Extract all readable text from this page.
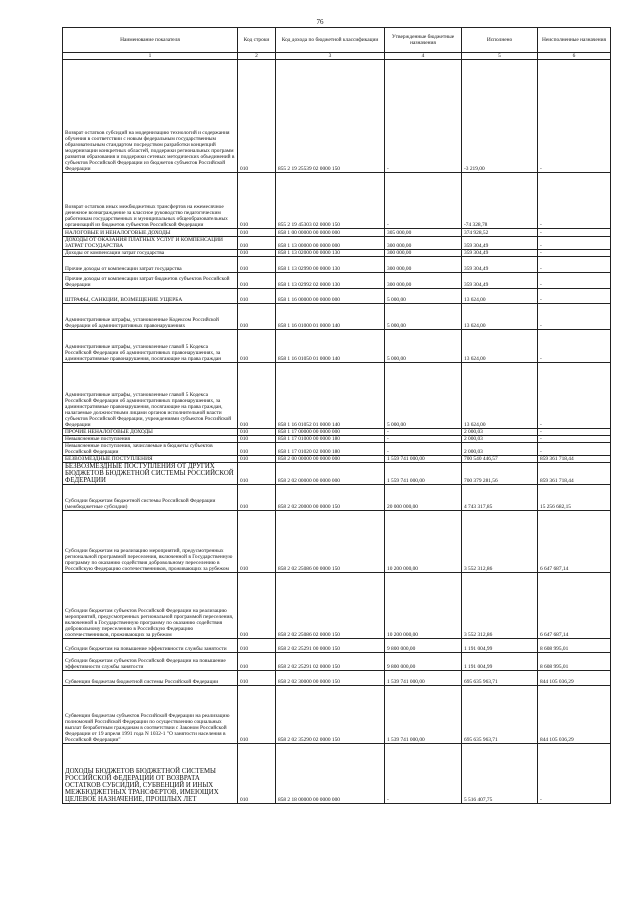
76
Наименование показателя	Код строки	Код дохода по бюджетной классификации	Утвержденные бюджетные назначения	Исполнено	Неисполненные назначения
1	2	3	4	5	6
Возврат остатков субсидий на модернизацию технологий и содержания обучения в соответствии с новым федеральным государственным образовательным стандартом посредством разработки концепций модернизации конкретных областей, поддержки региональных программ развития образования и поддержки сетевых методических объединений в субъектов Российской Федерации из бюджетов субъектов Российской Федерации	010	855 2 19 25539 02 0000 150	-	-3 219,00	-
Возврат остатков иных межбюджетных трансфертов на ежемесячное денежное вознаграждение за классное руководство педагогическим работникам государственных и муниципальных общеобразовательных организаций из бюджетов субъектов Российской Федерации	010	855 2 19 45303 02 0000 150	-	-74 328,78	-
НАЛОГОВЫЕ И НЕНАЛОГОВЫЕ ДОХОДЫ	010	858 1 00 00000 00 0000 000	305 000,00	374 928,52	-
ДОХОДЫ ОТ ОКАЗАНИЯ ПЛАТНЫХ УСЛУГ И КОМПЕНСАЦИИ ЗАТРАТ ГОСУДАРСТВА	010	858 1 13 00000 00 0000 000	300 000,00	359 304,49	-
Доходы от компенсации затрат государства	010	858 1 13 02000 00 0000 130	300 000,00	359 304,49	-
Прочие доходы от компенсации затрат государства	010	858 1 13 02990 00 0000 130	300 000,00	359 304,49	-
Прочие доходы от компенсации затрат бюджетов субъектов Российской Федерации	010	858 1 13 02992 02 0000 130	300 000,00	359 304,49	-
ШТРАФЫ, САНКЦИИ, ВОЗМЕЩЕНИЕ УЩЕРБА	010	858 1 16 00000 00 0000 000	5 000,00	13 624,00	-
Административные штрафы, установленные Кодексом Российской Федерации об административных правонарушениях	010	858 1 16 01000 01 0000 140	5 000,00	13 624,00	-
Административные штрафы, установленные главой 5 Кодекса Российской Федерации об административных правонарушениях, за административные правонарушения, посягающие на права граждан	010	858 1 16 01050 01 0000 140	5 000,00	13 624,00	-
Административные штрафы, установленные главой 5 Кодекса Российской Федерации об административных правонарушениях, за административные правонарушения, посягающие на права граждан, налагаемые должностными лицами органов исполнительной власти субъектов Российской Федерации, учреждениями субъектов Российской Федерации	010	858 1 16 01052 01 0000 140	5 000,00	13 624,00	-
ПРОЧИЕ НЕНАЛОГОВЫЕ ДОХОДЫ	010	858 1 17 00000 00 0000 000	-	2 000,03	-
Невыясненные поступления	010	858 1 17 01000 00 0000 180	-	2 000,03	-
Невыясненные поступления, зачисляемые в бюджеты субъектов Российской Федерации	010	858 1 17 01020 02 0000 180	-	2 000,03	-
БЕЗВОЗМЕЗДНЫЕ ПОСТУПЛЕНИЯ	010	858 2 00 00000 00 0000 000	1 559 741 000,00	700 540 446,57	859 361 718,44
БЕЗВОЗМЕЗДНЫЕ ПОСТУПЛЕНИЯ ОТ ДРУГИХ БЮДЖЕТОВ БЮДЖЕТНОЙ СИСТЕМЫ РОССИЙСКОЙ ФЕДЕРАЦИИ	010	858 2 02 00000 00 0000 000	1 559 741 000,00	700 379 281,56	859 361 718,44
Субсидии бюджетам бюджетной системы Российской Федерации (межбюджетные субсидии)	010	858 2 02 20000 00 0000 150	20 000 000,00	4 743 317,85	15 256 682,15
Субсидии бюджетам на реализацию мероприятий, предусмотренных региональной программой переселения, включенной в Государственную программу по оказанию содействия добровольному переселению в Российскую Федерацию соотечественников, проживающих за рубежом	010	858 2 02 25086 00 0000 150	10 200 000,00	3 552 312,86	6 647 687,14
Субсидии бюджетам субъектов Российской Федерации на реализацию мероприятий, предусмотренных региональной программой переселения, включенной в Государственную программу по оказанию содействия добровольному переселению в Российскую Федерацию соотечественников, проживающих за рубежом	010	858 2 02 25086 02 0000 150	10 200 000,00	3 552 312,86	6 647 687,14
Субсидии бюджетам на повышение эффективности службы занятости	010	858 2 02 25291 00 0000 150	9 800 000,00	1 191 004,99	8 608 995,01
Субсидии бюджетам субъектов Российской Федерации на повышение эффективности службы занятости	010	858 2 02 25291 02 0000 150	9 800 000,00	1 191 004,99	8 608 995,01
Субвенции бюджетам бюджетной системы Российской Федерации	010	858 2 02 30000 00 0000 150	1 539 741 000,00	695 635 963,71	844 105 036,29
Субвенции бюджетам субъектов Российской Федерации на реализацию полномочий Российской Федерации по осуществлению социальных выплат безработным гражданам в соответствии с Законом Российской Федерации от 19 апреля 1991 года N 1032-1 "О занятости населения в Российской Федерации"	010	858 2 02 35290 02 0000 150	1 539 741 000,00	695 635 963,71	844 105 036,29
ДОХОДЫ БЮДЖЕТОВ БЮДЖЕТНОЙ СИСТЕМЫ РОССИЙСКОЙ ФЕДЕРАЦИИ ОТ ВОЗВРАТА ОСТАТКОВ СУБСИДИЙ, СУБВЕНЦИЙ И ИНЫХ МЕЖБЮДЖЕТНЫХ ТРАНСФЕРТОВ, ИМЕЮЩИХ ЦЕЛЕВОЕ НАЗНАЧЕНИЕ, ПРОШЛЫХ ЛЕТ	010	858 2 18 00000 00 0000 000	-	5 516 407,75	-
